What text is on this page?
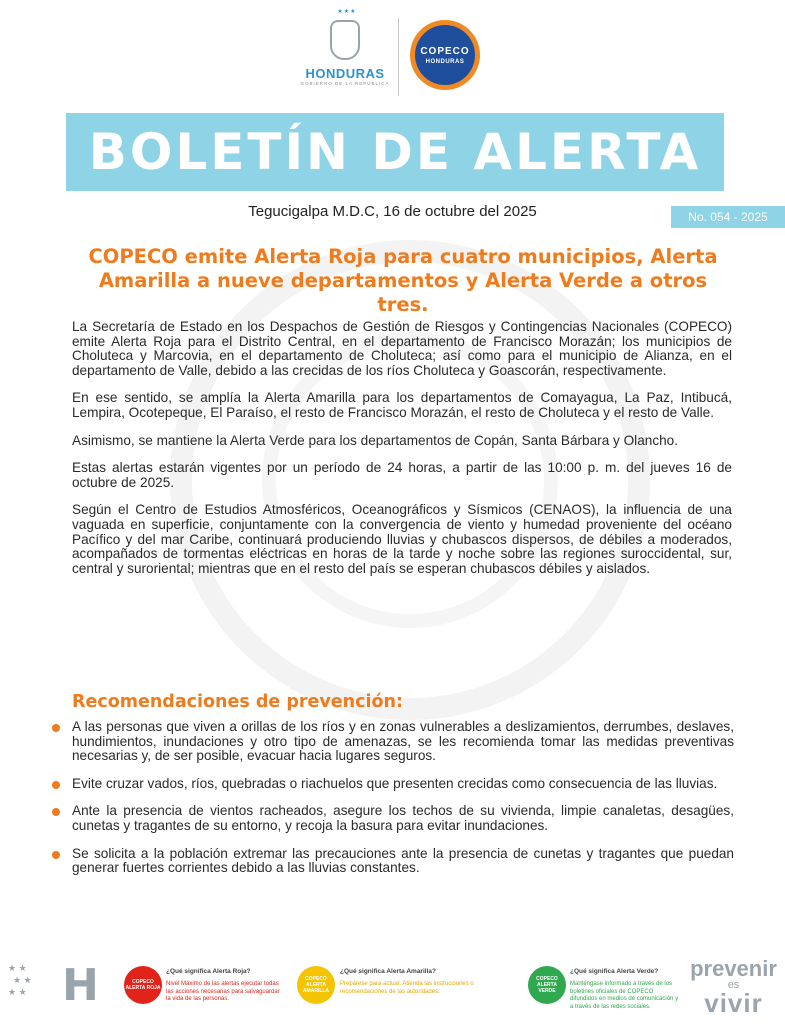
★★★
HONDURAS
GOBIERNO DE LA REPÚBLICA
COPECO
HONDURAS
BOLETÍN DE ALERTA
Tegucigalpa M.D.C, 16 de octubre del 2025	No. 054 - 2025
COPECO emite Alerta Roja para cuatro municipios, Alerta Amarilla a nueve departamentos y Alerta Verde a otros tres.

La Secretaría de Estado en los Despachos de Gestión de Riesgos y Contingencias Nacionales (COPECO) emite Alerta Roja para el Distrito Central, en el departamento de Francisco Morazán; los municipios de Choluteca y Marcovia, en el departamento de Choluteca; así como para el municipio de Alianza, en el departamento de Valle, debido a las crecidas de los ríos Choluteca y Goascorán, respectivamente.

En ese sentido, se amplía la Alerta Amarilla para los departamentos de Comayagua, La Paz, Intibucá, Lempira, Ocotepeque, El Paraíso, el resto de Francisco Morazán, el resto de Choluteca y el resto de Valle.

Asimismo, se mantiene la Alerta Verde para los departamentos de Copán, Santa Bárbara y Olancho.

Estas alertas estarán vigentes por un período de 24 horas, a partir de las 10:00 p. m. del jueves 16 de octubre de 2025.

Según el Centro de Estudios Atmosféricos, Oceanográficos y Sísmicos (CENAOS), la influencia de una vaguada en superficie, conjuntamente con la convergencia de viento y humedad proveniente del océano Pacífico y del mar Caribe, continuará produciendo lluvias y chubascos dispersos, de débiles a moderados, acompañados de tormentas eléctricas en horas de la tarde y noche sobre las regiones suroccidental, sur, central y suroriental; mientras que en el resto del país se esperan chubascos débiles y aislados.

Recomendaciones de prevención:
A las personas que viven a orillas de los ríos y en zonas vulnerables a deslizamientos, derrumbes, deslaves, hundimientos, inundaciones y otro tipo de amenazas, se les recomienda tomar las medidas preventivas necesarias y, de ser posible, evacuar hacia lugares seguros.
Evite cruzar vados, ríos, quebradas o riachuelos que presenten crecidas como consecuencia de las lluvias.
Ante la presencia de vientos racheados, asegure los techos de su vivienda, limpie canaletas, desagües, cunetas y tragantes de su entorno, y recoja la basura para evitar inundaciones.
Se solicita a la población extremar las precauciones ante la presencia de cunetas y tragantes que puedan generar fuertes corrientes debido a las lluvias constantes.
★ ★
★ ★
★ ★ H	COPECO ALERTA ROJA
¿Qué significa Alerta Roja?
Nivel Máximo de las alertas ejecutar todas las acciones necesarias para salvaguardar la vida de las personas.
COPECO ALERTA AMARILLA
¿Qué significa Alerta Amarilla?
Prepárese para actuar. Atienda las instrucciones o recomendaciones de las autoridades.
COPECO ALERTA VERDE
¿Qué significa Alerta Verde?
Manténgase informado a través de los boletines oficiales de COPECO difundidos en medios de comunicación y a través de las redes sociales.
prevenir
es
vivir
